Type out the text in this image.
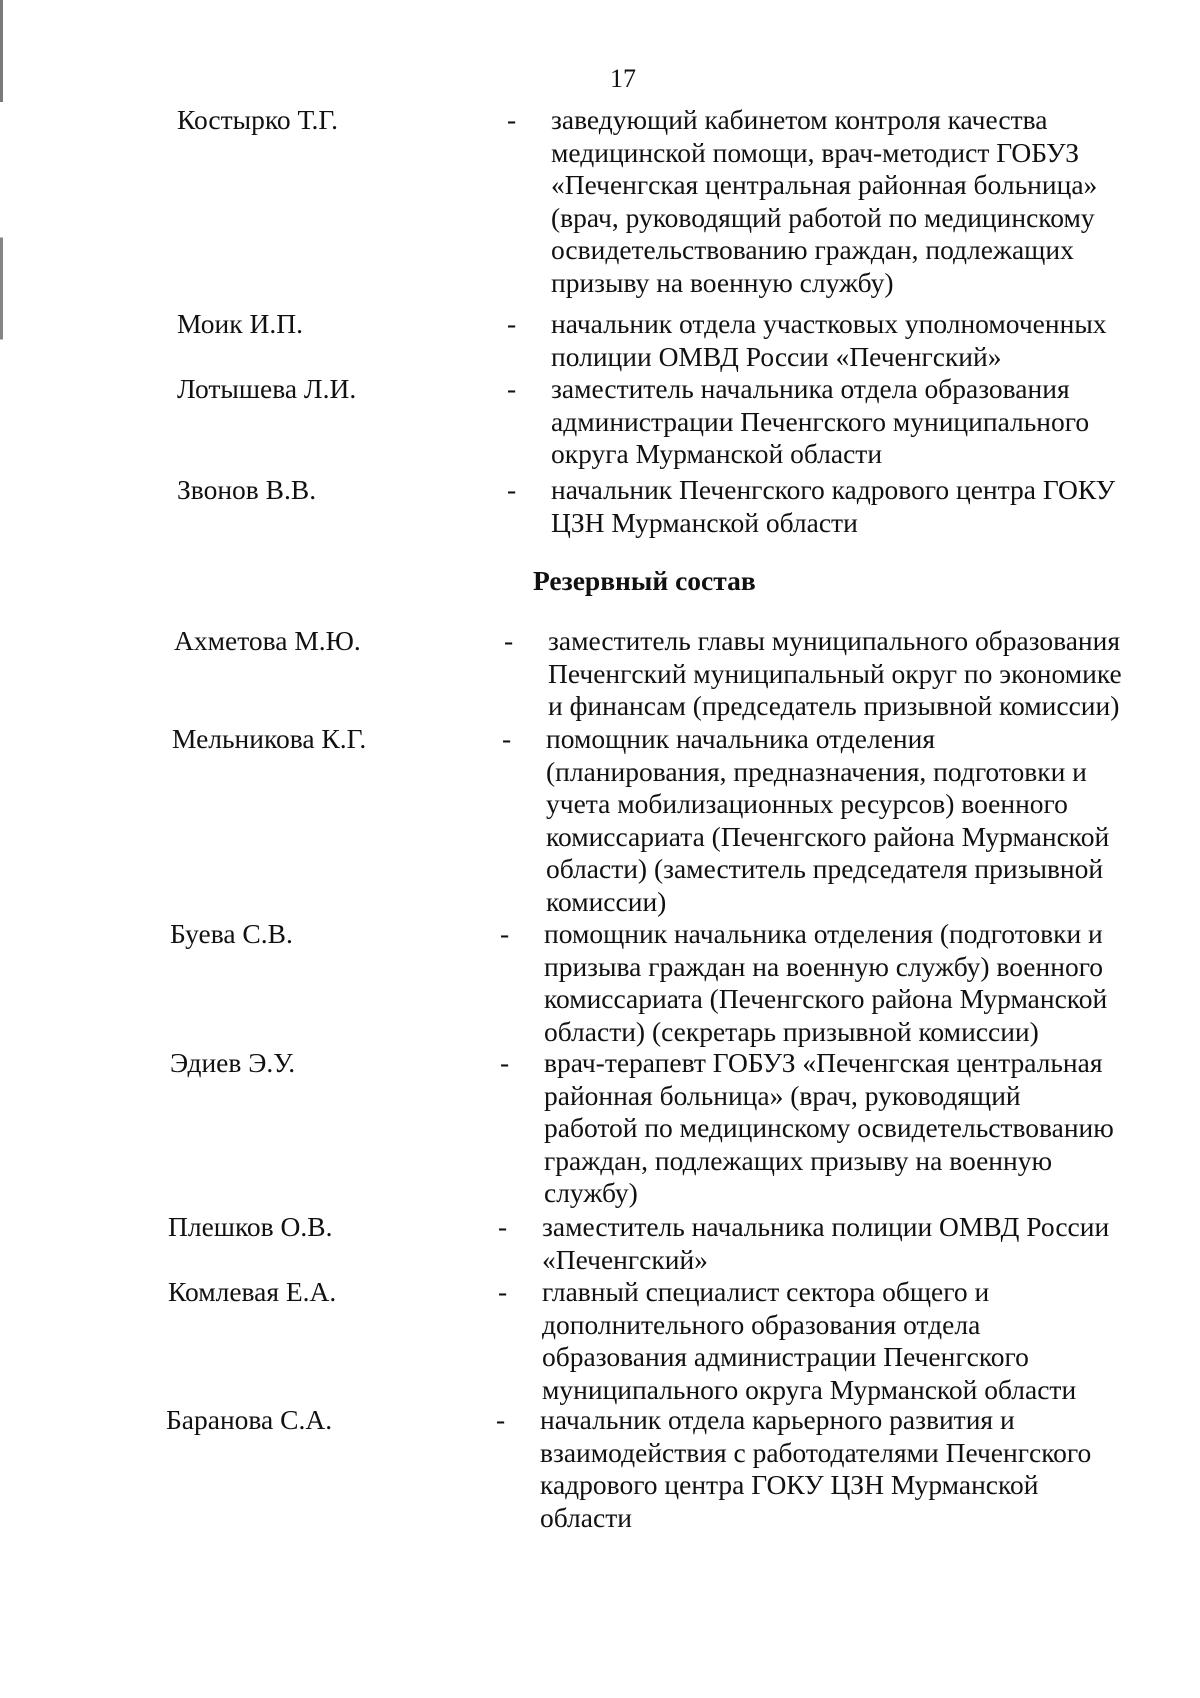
17
Костырко Т.Г.	-	заведующий кабинетом контроля качества
медицинской помощи, врач-методист ГОБУЗ
«Печенгская центральная районная больница»
(врач, руководящий работой по медицинскому
освидетельствованию граждан, подлежащих
призыву на военную службу)
Моик И.П.	-	начальник отдела участковых уполномоченных
полиции ОМВД России «Печенгский»
Лотышева Л.И.	-	заместитель начальника отдела образования
администрации Печенгского муниципального
округа Мурманской области
Звонов В.В.	-	начальник Печенгского кадрового центра ГОКУ
ЦЗН Мурманской области
Резервный состав
Ахметова М.Ю.	-	заместитель главы муниципального образования
Печенгский муниципальный округ по экономике
и финансам (председатель призывной комиссии)
Мельникова К.Г.	-	помощник начальника отделения
(планирования, предназначения, подготовки и
учета мобилизационных ресурсов) военного
комиссариата (Печенгского района Мурманской
области) (заместитель председателя призывной
комиссии)
Буева С.В.	-	помощник начальника отделения (подготовки и
призыва граждан на военную службу) военного
комиссариата (Печенгского района Мурманской
области) (секретарь призывной комиссии)
Эдиев Э.У.	-	врач-терапевт ГОБУЗ «Печенгская центральная
районная больница» (врач, руководящий
работой по медицинскому освидетельствованию
граждан, подлежащих призыву на военную
службу)
Плешков О.В.	-	заместитель начальника полиции ОМВД России
«Печенгский»
Комлевая Е.А.	-	главный специалист сектора общего и
дополнительного образования отдела
образования администрации Печенгского
муниципального округа Мурманской области
Баранова С.А.	-	начальник отдела карьерного развития и
взаимодействия с работодателями Печенгского
кадрового центра ГОКУ ЦЗН Мурманской
области
